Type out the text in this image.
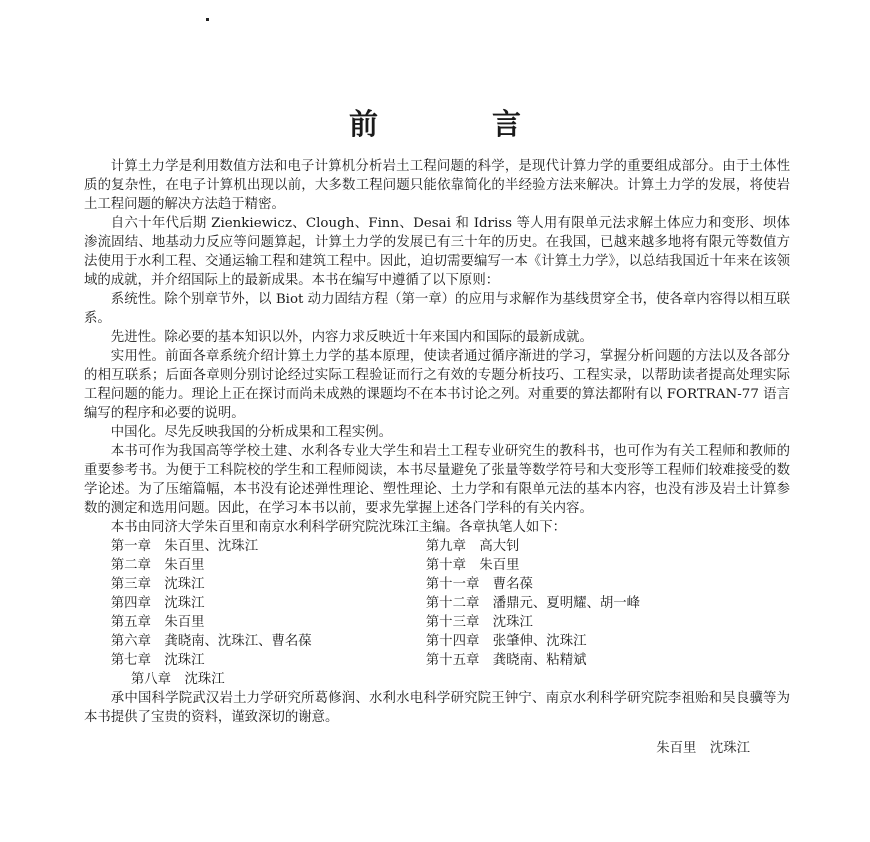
前 言

计算土力学是利用数值方法和电子计算机分析岩土工程问题的科学，是现代计算力学的重要组成部分。由于土体性质的复杂性，在电子计算机出现以前，大多数工程问题只能依靠简化的半经验方法来解决。计算土力学的发展，将使岩土工程问题的解决方法趋于精密。

自六十年代后期 Zienkiewicz、Clough、Finn、Desai 和 Idriss 等人用有限单元法求解土体应力和变形、坝体渗流固结、地基动力反应等问题算起，计算土力学的发展已有三十年的历史。在我国，已越来越多地将有限元等数值方法使用于水利工程、交通运输工程和建筑工程中。因此，迫切需要编写一本《计算土力学》，以总结我国近十年来在该领域的成就，并介绍国际上的最新成果。本书在编写中遵循了以下原则：

系统性。除个别章节外，以 Biot 动力固结方程（第一章）的应用与求解作为基线贯穿全书，使各章内容得以相互联系。

先进性。除必要的基本知识以外，内容力求反映近十年来国内和国际的最新成就。

实用性。前面各章系统介绍计算土力学的基本原理，使读者通过循序渐进的学习，掌握分析问题的方法以及各部分的相互联系；后面各章则分别讨论经过实际工程验证而行之有效的专题分析技巧、工程实录，以帮助读者提高处理实际工程问题的能力。理论上正在探讨而尚未成熟的课题均不在本书讨论之列。对重要的算法都附有以 FORTRAN-77 语言编写的程序和必要的说明。

中国化。尽先反映我国的分析成果和工程实例。

本书可作为我国高等学校土建、水利各专业大学生和岩土工程专业研究生的教科书，也可作为有关工程师和教师的重要参考书。为便于工科院校的学生和工程师阅读，本书尽量避免了张量等数学符号和大变形等工程师们较难接受的数学论述。为了压缩篇幅，本书没有论述弹性理论、塑性理论、土力学和有限单元法的基本内容，也没有涉及岩土计算参数的测定和选用问题。因此，在学习本书以前，要求先掌握上述各门学科的有关内容。

本书由同济大学朱百里和南京水利科学研究院沈珠江主编。各章执笔人如下：

第一章　朱百里、沈珠江	第九章　高大钊
第二章　朱百里	第十章　朱百里
第三章　沈珠江	第十一章　曹名葆
第四章　沈珠江	第十二章　潘鼎元、夏明耀、胡一峰
第五章　朱百里	第十三章　沈珠江
第六章　龚晓南、沈珠江、曹名葆	第十四章　张肇伸、沈珠江
第七章　沈珠江	第十五章　龚晓南、粘精斌
第八章　沈珠江

承中国科学院武汉岩土力学研究所葛修润、水利水电科学研究院王钟宁、南京水利科学研究院李祖贻和吴良骥等为本书提供了宝贵的资料，谨致深切的谢意。

朱百里　沈珠江
